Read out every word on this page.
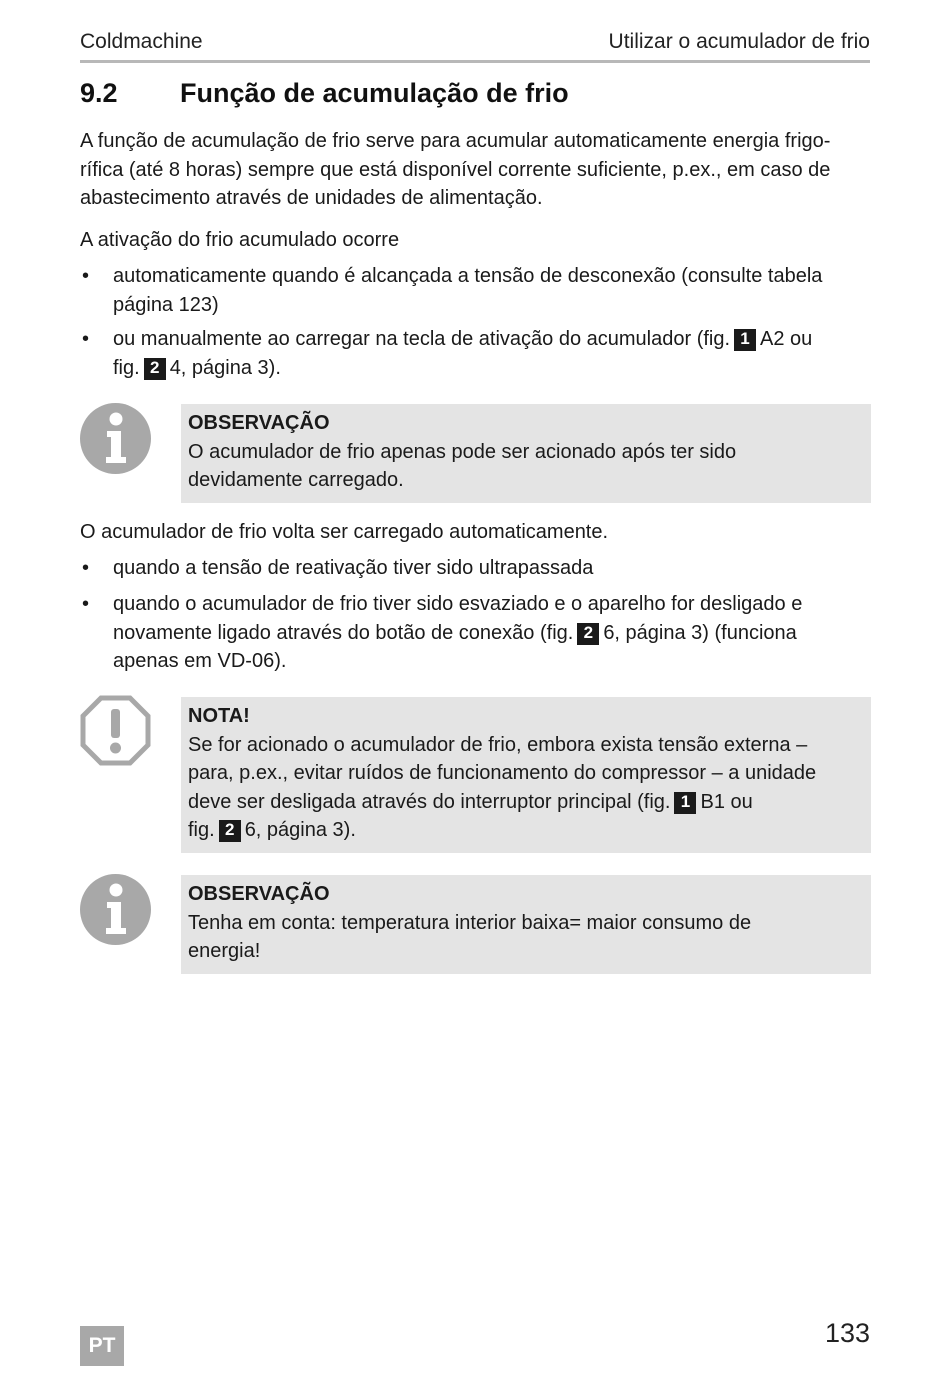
Coldmachine	Utilizar o acumulador de frio
9.2 Função de acumulação de frio
A função de acumulação de frio serve para acumular automaticamente energia frigo-
rífica (até 8 horas) sempre que está disponível corrente suficiente, p.ex., em caso de
abastecimento através de unidades de alimentação.
A ativação do frio acumulado ocorre
• automaticamente quando é alcançada a tensão de desconexão (consulte tabela
página 123)
• ou manualmente ao carregar na tecla de ativação do acumulador (fig. 1 A2 ou
fig. 2 4, página 3).
OBSERVAÇÃO
O acumulador de frio apenas pode ser acionado após ter sido
devidamente carregado.
O acumulador de frio volta ser carregado automaticamente.
• quando a tensão de reativação tiver sido ultrapassada
• quando o acumulador de frio tiver sido esvaziado e o aparelho for desligado e
novamente ligado através do botão de conexão (fig. 2 6, página 3) (funciona
apenas em VD-06).
NOTA!
Se for acionado o acumulador de frio, embora exista tensão externa –
para, p.ex., evitar ruídos de funcionamento do compressor – a unidade
deve ser desligada através do interruptor principal (fig. 1 B1 ou
fig. 2 6, página 3).
OBSERVAÇÃO
Tenha em conta: temperatura interior baixa= maior consumo de
energia!
PT	133
